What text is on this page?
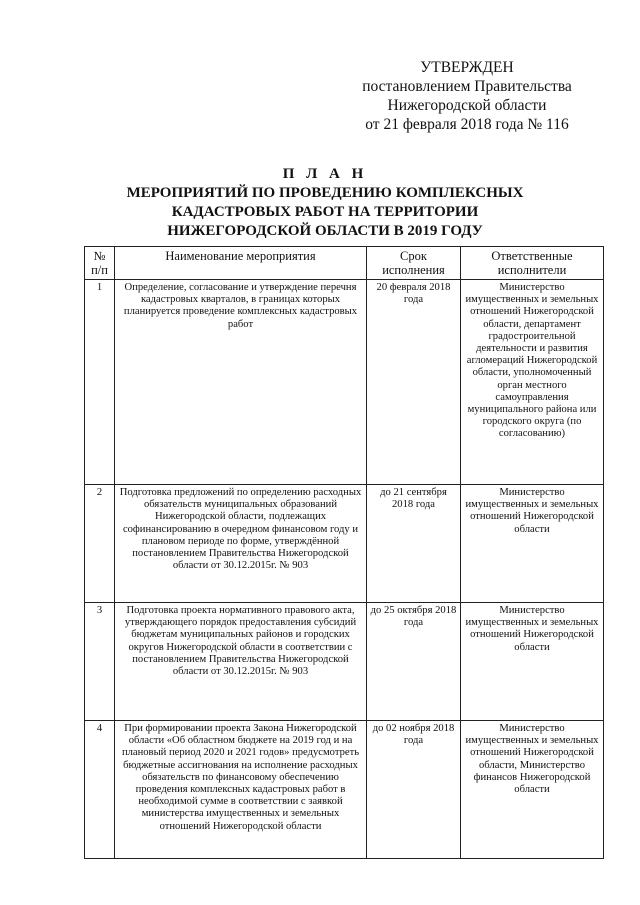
УТВЕРЖДЕН
постановлением Правительства
Нижегородской области
от 21 февраля 2018 года № 116
П Л А Н
МЕРОПРИЯТИЙ ПО ПРОВЕДЕНИЮ КОМПЛЕКСНЫХ
КАДАСТРОВЫХ РАБОТ НА ТЕРРИТОРИИ
НИЖЕГОРОДСКОЙ ОБЛАСТИ В 2019 ГОДУ
№ п/п	Наименование мероприятия	Срок исполнения	Ответственные исполнители
1	Определение, согласование и утверждение перечня кадастровых кварталов, в границах которых планируется проведение комплексных кадастровых работ	20 февраля 2018 года	Министерство имущественных и земельных отношений Нижегородской области, департамент градостроительной деятельности и развития агломераций Нижегородской области, уполномоченный орган местного самоуправления муниципального района или городского округа (по согласованию)
2	Подготовка предложений по определению расходных обязательств муниципальных образований Нижегородской области, подлежащих софинансированию в очередном финансовом году и плановом периоде по форме, утверждённой постановлением Правительства Нижегородской области от 30.12.2015г. № 903	до 21 сентября 2018 года	Министерство имущественных и земельных отношений Нижегородской области
3	Подготовка проекта нормативного правового акта, утверждающего порядок предоставления субсидий бюджетам муниципальных районов и городских округов Нижегородской области в соответствии с постановлением Правительства Нижегородской области от 30.12.2015г. № 903	до 25 октября 2018 года	Министерство имущественных и земельных отношений Нижегородской области
4	При формировании проекта Закона Нижегородской области «Об областном бюджете на 2019 год и на плановый период 2020 и 2021 годов» предусмотреть бюджетные ассигнования на исполнение расходных обязательств по финансовому обеспечению проведения комплексных кадастровых работ в необходимой сумме в соответствии с заявкой министерства имущественных и земельных отношений Нижегородской области	до 02 ноября 2018 года	Министерство имущественных и земельных отношений Нижегородской области, Министерство финансов Нижегородской области
